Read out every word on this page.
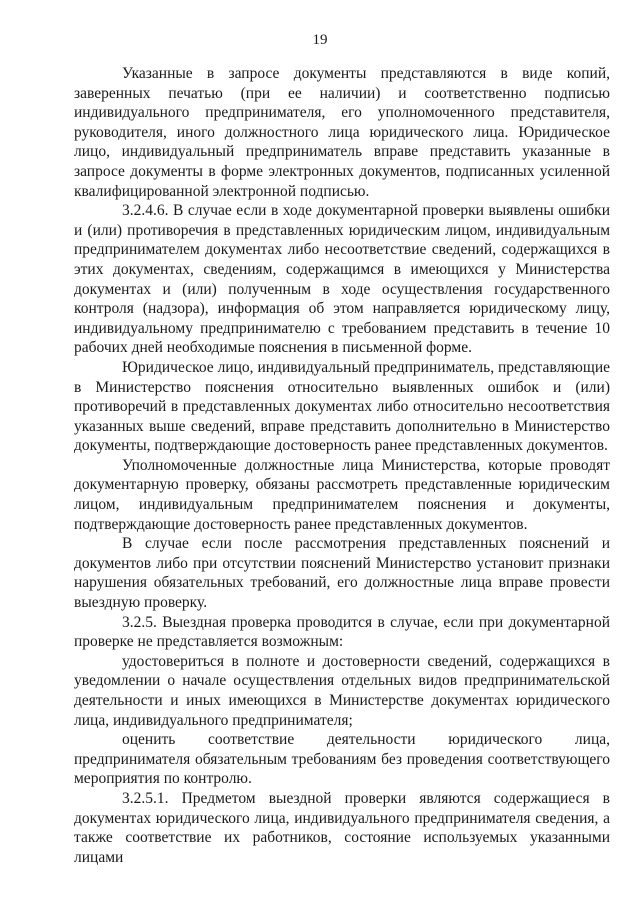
19

Указанные в запросе документы представляются в виде копий, заверенных печатью (при ее наличии) и соответственно подписью индивидуального предпринимателя, его уполномоченного представителя, руководителя, иного должностного лица юридического лица. Юридическое лицо, индивидуальный предприниматель вправе представить указанные в запросе документы в форме электронных документов, подписанных усиленной квалифицированной электронной подписью.

3.2.4.6. В случае если в ходе документарной проверки выявлены ошибки и (или) противоречия в представленных юридическим лицом, индивидуальным предпринимателем документах либо несоответствие сведений, содержащихся в этих документах, сведениям, содержащимся в имеющихся у Министерства документах и (или) полученным в ходе осуществления государственного контроля (надзора), информация об этом направляется юридическому лицу, индивидуальному предпринимателю с требованием представить в течение 10 рабочих дней необходимые пояснения в письменной форме.

Юридическое лицо, индивидуальный предприниматель, представляющие в Министерство пояснения относительно выявленных ошибок и (или) противоречий в представленных документах либо относительно несоответствия указанных выше сведений, вправе представить дополнительно в Министерство документы, подтверждающие достоверность ранее представленных документов.

Уполномоченные должностные лица Министерства, которые проводят документарную проверку, обязаны рассмотреть представленные юридическим лицом, индивидуальным предпринимателем пояснения и документы, подтверждающие достоверность ранее представленных документов.

В случае если после рассмотрения представленных пояснений и документов либо при отсутствии пояснений Министерство установит признаки нарушения обязательных требований, его должностные лица вправе провести выездную проверку.

3.2.5. Выездная проверка проводится в случае, если при документарной проверке не представляется возможным:

удостовериться в полноте и достоверности сведений, содержащихся в уведомлении о начале осуществления отдельных видов предпринимательской деятельности и иных имеющихся в Министерстве документах юридического лица, индивидуального предпринимателя;

оценить соответствие деятельности юридического лица, предпринимателя обязательным требованиям без проведения соответствующего мероприятия по контролю.

3.2.5.1. Предметом выездной проверки являются содержащиеся в документах юридического лица, индивидуального предпринимателя сведения, а также соответствие их работников, состояние используемых указанными лицами
